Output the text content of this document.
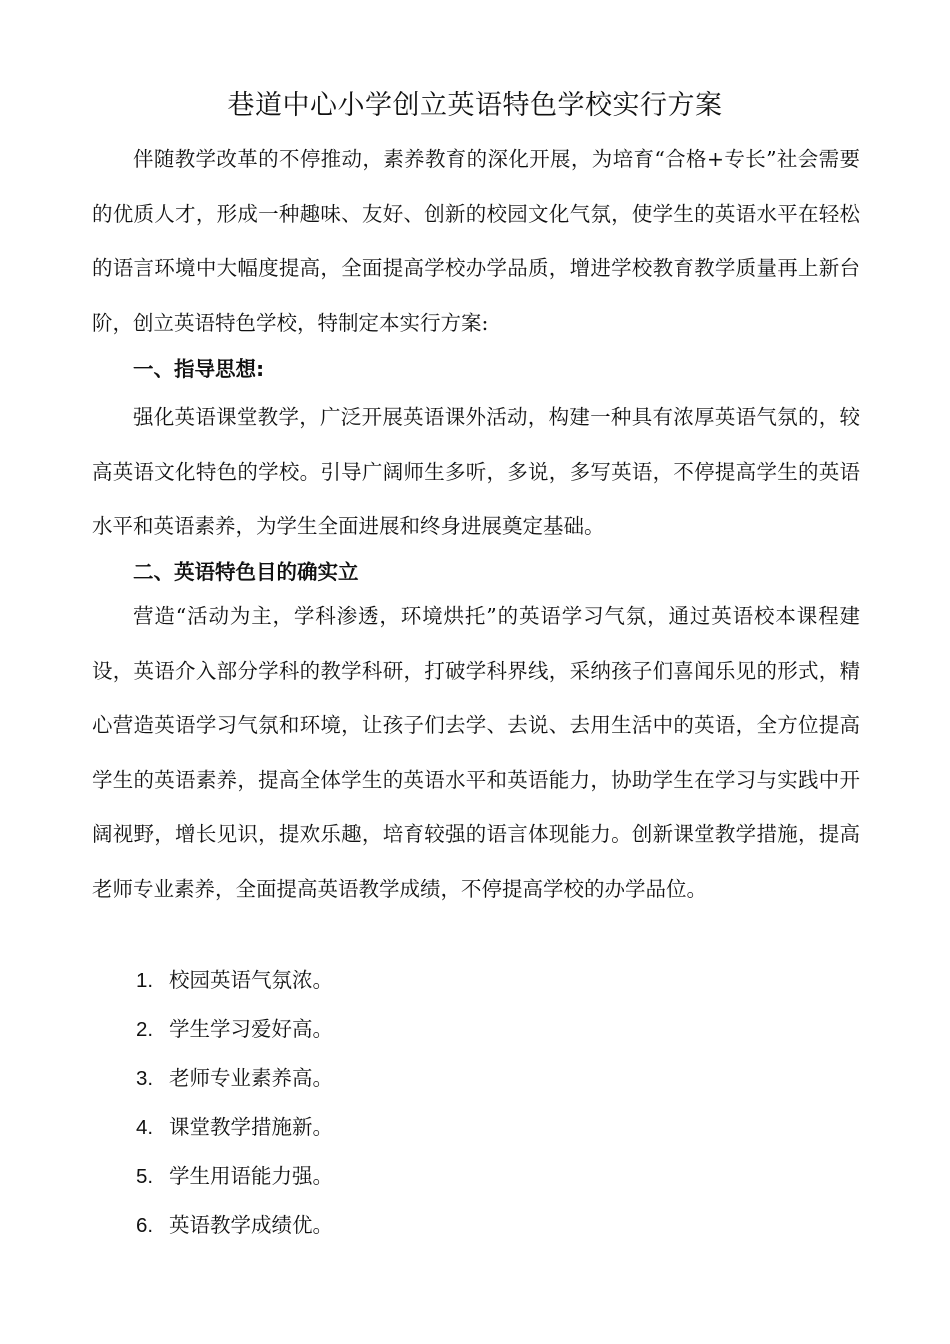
巷道中心小学创立英语特色学校实行方案

伴随教学改革的不停推动，素养教育的深化开展，为培育“合格+专长”社会需要的优质人才，形成一种趣味、友好、创新的校园文化气氛，使学生的英语水平在轻松的语言环境中大幅度提高，全面提高学校办学品质，增进学校教育教学质量再上新台阶，创立英语特色学校，特制定本实行方案:

一、指导思想:

强化英语课堂教学，广泛开展英语课外活动，构建一种具有浓厚英语气氛的，较高英语文化特色的学校。引导广阔师生多听，多说，多写英语，不停提高学生的英语水平和英语素养，为学生全面进展和终身进展奠定基础。

二、英语特色目的确实立

营造“活动为主，学科渗透，环境烘托”的英语学习气氛，通过英语校本课程建设，英语介入部分学科的教学科研，打破学科界线，采纳孩子们喜闻乐见的形式，精心营造英语学习气氛和环境，让孩子们去学、去说、去用生活中的英语，全方位提高学生的英语素养，提高全体学生的英语水平和英语能力，协助学生在学习与实践中开阔视野，增长见识，提欢乐趣，培育较强的语言体现能力。创新课堂教学措施，提高老师专业素养，全面提高英语教学成绩，不停提高学校的办学品位。

1. 校园英语气氛浓。
2. 学生学习爱好高。
3. 老师专业素养高。
4. 课堂教学措施新。
5. 学生用语能力强。
6. 英语教学成绩优。
